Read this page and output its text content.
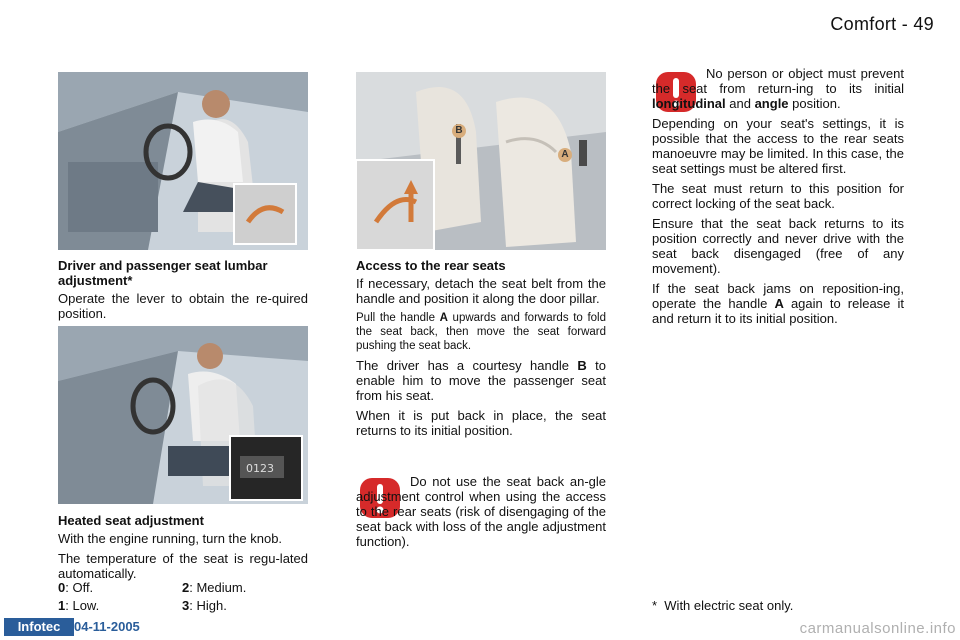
Comfort - 49
Driver and passenger seat lumbar adjustment*

Operate the lever to obtain the re-quired position.

0123
Heated seat adjustment

With the engine running, turn the knob.

The temperature of the seat is regu-lated automatically.

0: Off.	2: Medium.
1: Low.	3: High.
B
A
Access to the rear seats

If necessary, detach the seat belt from the handle and position it along the door pillar.

Pull the handle A upwards and forwards to fold the seat back, then move the seat forward pushing the seat back.

The driver has a courtesy handle B to enable him to move the passenger seat from his seat.

When it is put back in place, the seat returns to its initial position.

Do not use the seat back an-gle adjustment control when using the access to the rear seats (risk of disengaging of the seat back with loss of the angle adjustment function).

No person or object must prevent the seat from return-ing to its initial longitudinal and angle position.

Depending on your seat's settings, it is possible that the access to the rear seats manoeuvre may be limited. In this case, the seat settings must be altered first.

The seat must return to this position for correct locking of the seat back.

Ensure that the seat back returns to its position correctly and never drive with the seat back disengaged (free of any movement).

If the seat back jams on reposition-ing, operate the handle A again to release it and return it to its initial position.

*  With electric seat only.
Infotec	04-11-2005	carmanualsonline.info
